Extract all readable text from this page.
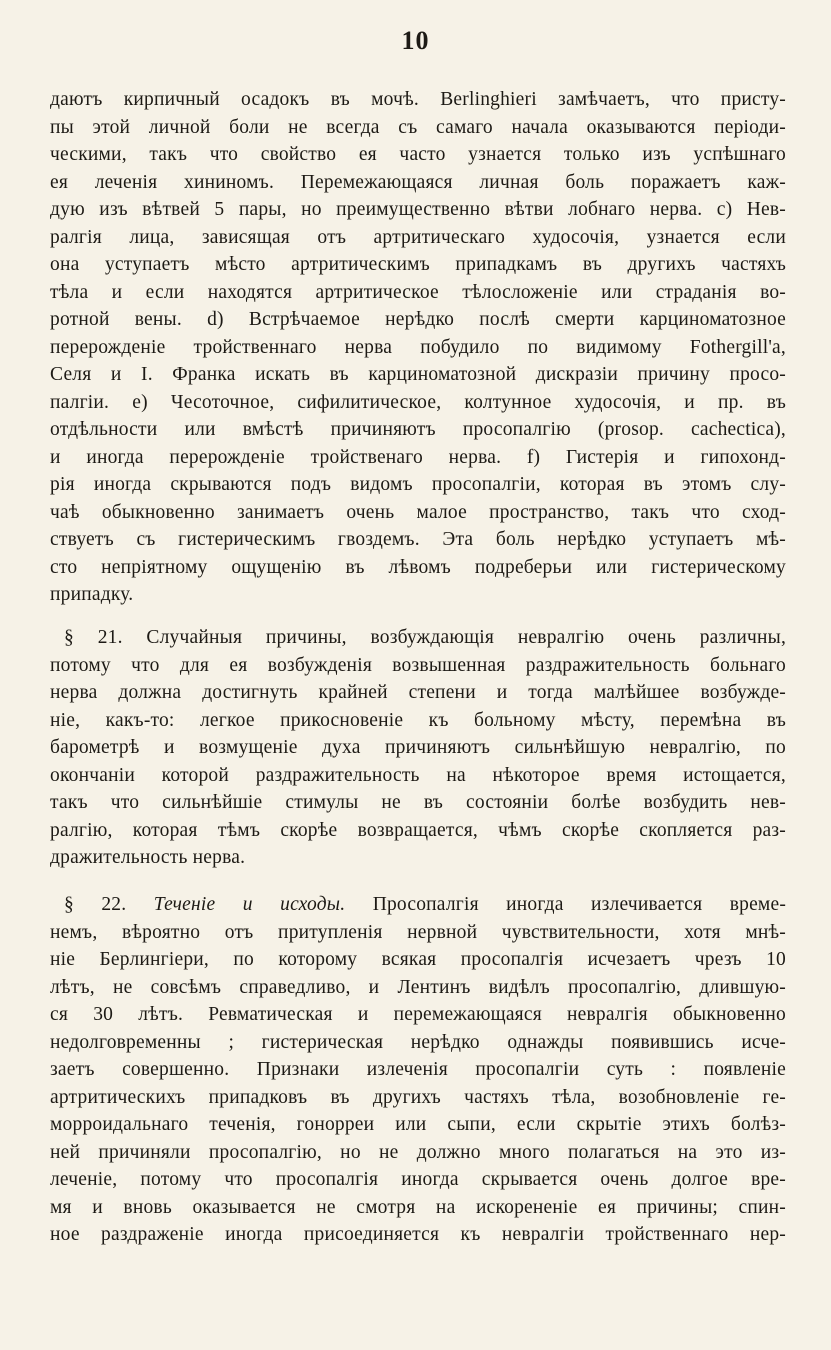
10
даютъ кирпичный осадокъ въ мочѣ. Berlinghieri замѣчаетъ, что присту-
пы этой личной боли не всегда съ самаго начала оказываются періоди-
ческими, такъ что свойство ея часто узнается только изъ успѣшнаго
ея леченія хининомъ. Перемежающаяся личная боль поражаетъ каж-
дую изъ вѣтвей 5 пары, но преимущественно вѣтви лобнаго нерва. c) Нев-
ралгія лица, зависящая отъ артритическаго худосочія, узнается если
она уступаетъ мѣсто артритическимъ припадкамъ въ другихъ частяхъ
тѣла и если находятся артритическое тѣлосложеніе или страданія во-
ротной вены. d) Встрѣчаемое нерѣдко послѣ смерти карциноматозное
перерожденіе тройственнаго нерва побудило по видимому Fothergill'a,
Селя и I. Франка искать въ карциноматозной дискразіи причину просо-
палгіи. e) Чесоточное, сифилитическое, колтунное худосочія, и пр. въ
отдѣльности или вмѣстѣ причиняютъ просопалгію (prosop. cachectica),
и иногда перерожденіе тройственаго нерва. f) Гистерія и гипохонд-
рія иногда скрываются подъ видомъ просопалгіи, которая въ этомъ слу-
чаѣ обыкновенно занимаетъ очень малое пространство, такъ что сход-
ствуетъ съ гистерическимъ гвоздемъ. Эта боль нерѣдко уступаетъ мѣ-
сто непріятному ощущенію въ лѣвомъ подреберьи или гистерическому
припадку.
§ 21. Случайныя причины, возбуждающія невралгію очень различны,
потому что для ея возбужденія возвышенная раздражительность больнаго
нерва должна достигнуть крайней степени и тогда малѣйшее возбужде-
ніе, какъ-то: легкое прикосновеніе къ больному мѣсту, перемѣна въ
барометрѣ и возмущеніе духа причиняютъ сильнѣйшую невралгію, по
окончаніи которой раздражительность на нѣкоторое время истощается,
такъ что сильнѣйшіе стимулы не въ состояніи болѣе возбудить нев-
ралгію, которая тѣмъ скорѣе возвращается, чѣмъ скорѣе скопляется раз-
дражительность нерва.
§ 22. Теченіе и исходы. Просопалгія иногда излечивается време-
немъ, вѣроятно отъ притупленія нервной чувствительности, хотя мнѣ-
ніе Берлингіери, по которому всякая просопалгія исчезаетъ чрезъ 10
лѣтъ, не совсѣмъ справедливо, и Лентинъ видѣлъ просопалгію, длившую-
ся 30 лѣтъ. Ревматическая и перемежающаяся невралгія обыкновенно
недолговременны ; гистерическая нерѣдко однажды появившись исче-
заетъ совершенно. Признаки излеченія просопалгіи суть : появленіе
артритическихъ припадковъ въ другихъ частяхъ тѣла, возобновленіе ге-
морроидальнаго теченія, гонорреи или сыпи, если скрытіе этихъ болѣз-
ней причиняли просопалгію, но не должно много полагаться на это из-
леченіе, потому что просопалгія иногда скрывается очень долгое вре-
мя и вновь оказывается не смотря на искорененіе ея причины; спин-
ное раздраженіе иногда присоединяется къ невралгіи тройственнаго нер-
